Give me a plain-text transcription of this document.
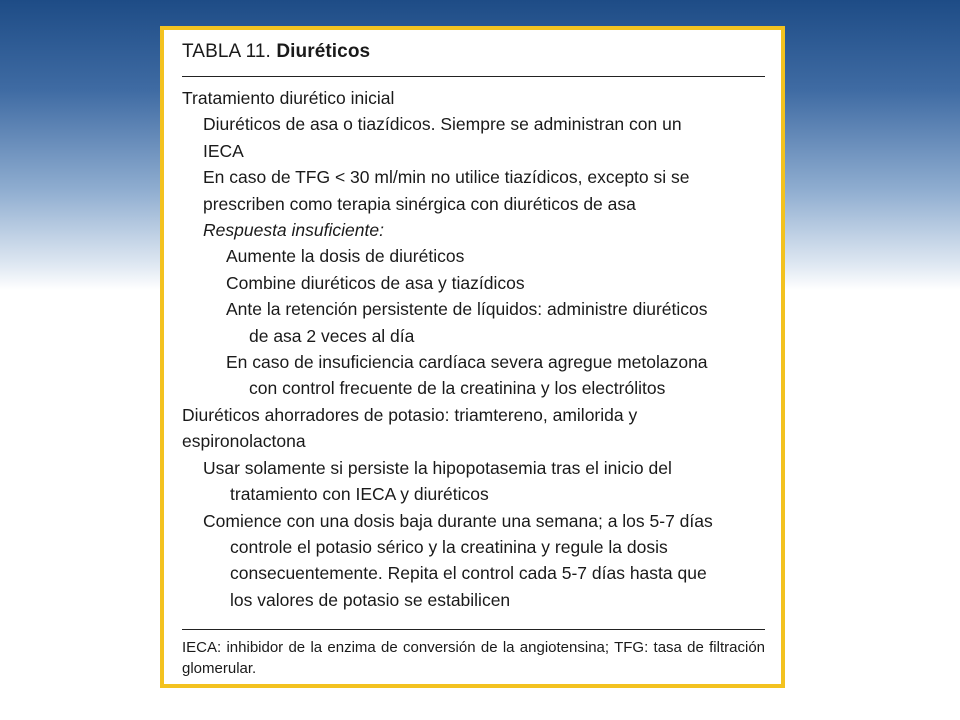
TABLA 11. Diuréticos
Tratamiento diurético inicial
Diuréticos de asa o tiazídicos. Siempre se administran con un
IECA
En caso de TFG < 30 ml/min no utilice tiazídicos, excepto si se
prescriben como terapia sinérgica con diuréticos de asa
Respuesta insuficiente:
Aumente la dosis de diuréticos
Combine diuréticos de asa y tiazídicos
Ante la retención persistente de líquidos: administre diuréticos
de asa 2 veces al día
En caso de insuficiencia cardíaca severa agregue metolazona
con control frecuente de la creatinina y los electrólitos
Diuréticos ahorradores de potasio: triamtereno, amilorida y
espironolactona
Usar solamente si persiste la hipopotasemia tras el inicio del
tratamiento con IECA y diuréticos
Comience con una dosis baja durante una semana; a los 5-7 días
controle el potasio sérico y la creatinina y regule la dosis
consecuentemente. Repita el control cada 5-7 días hasta que
los valores de potasio se estabilicen
IECA: inhibidor de la enzima de conversión de la angiotensina; TFG: tasa de filtración glomerular.
